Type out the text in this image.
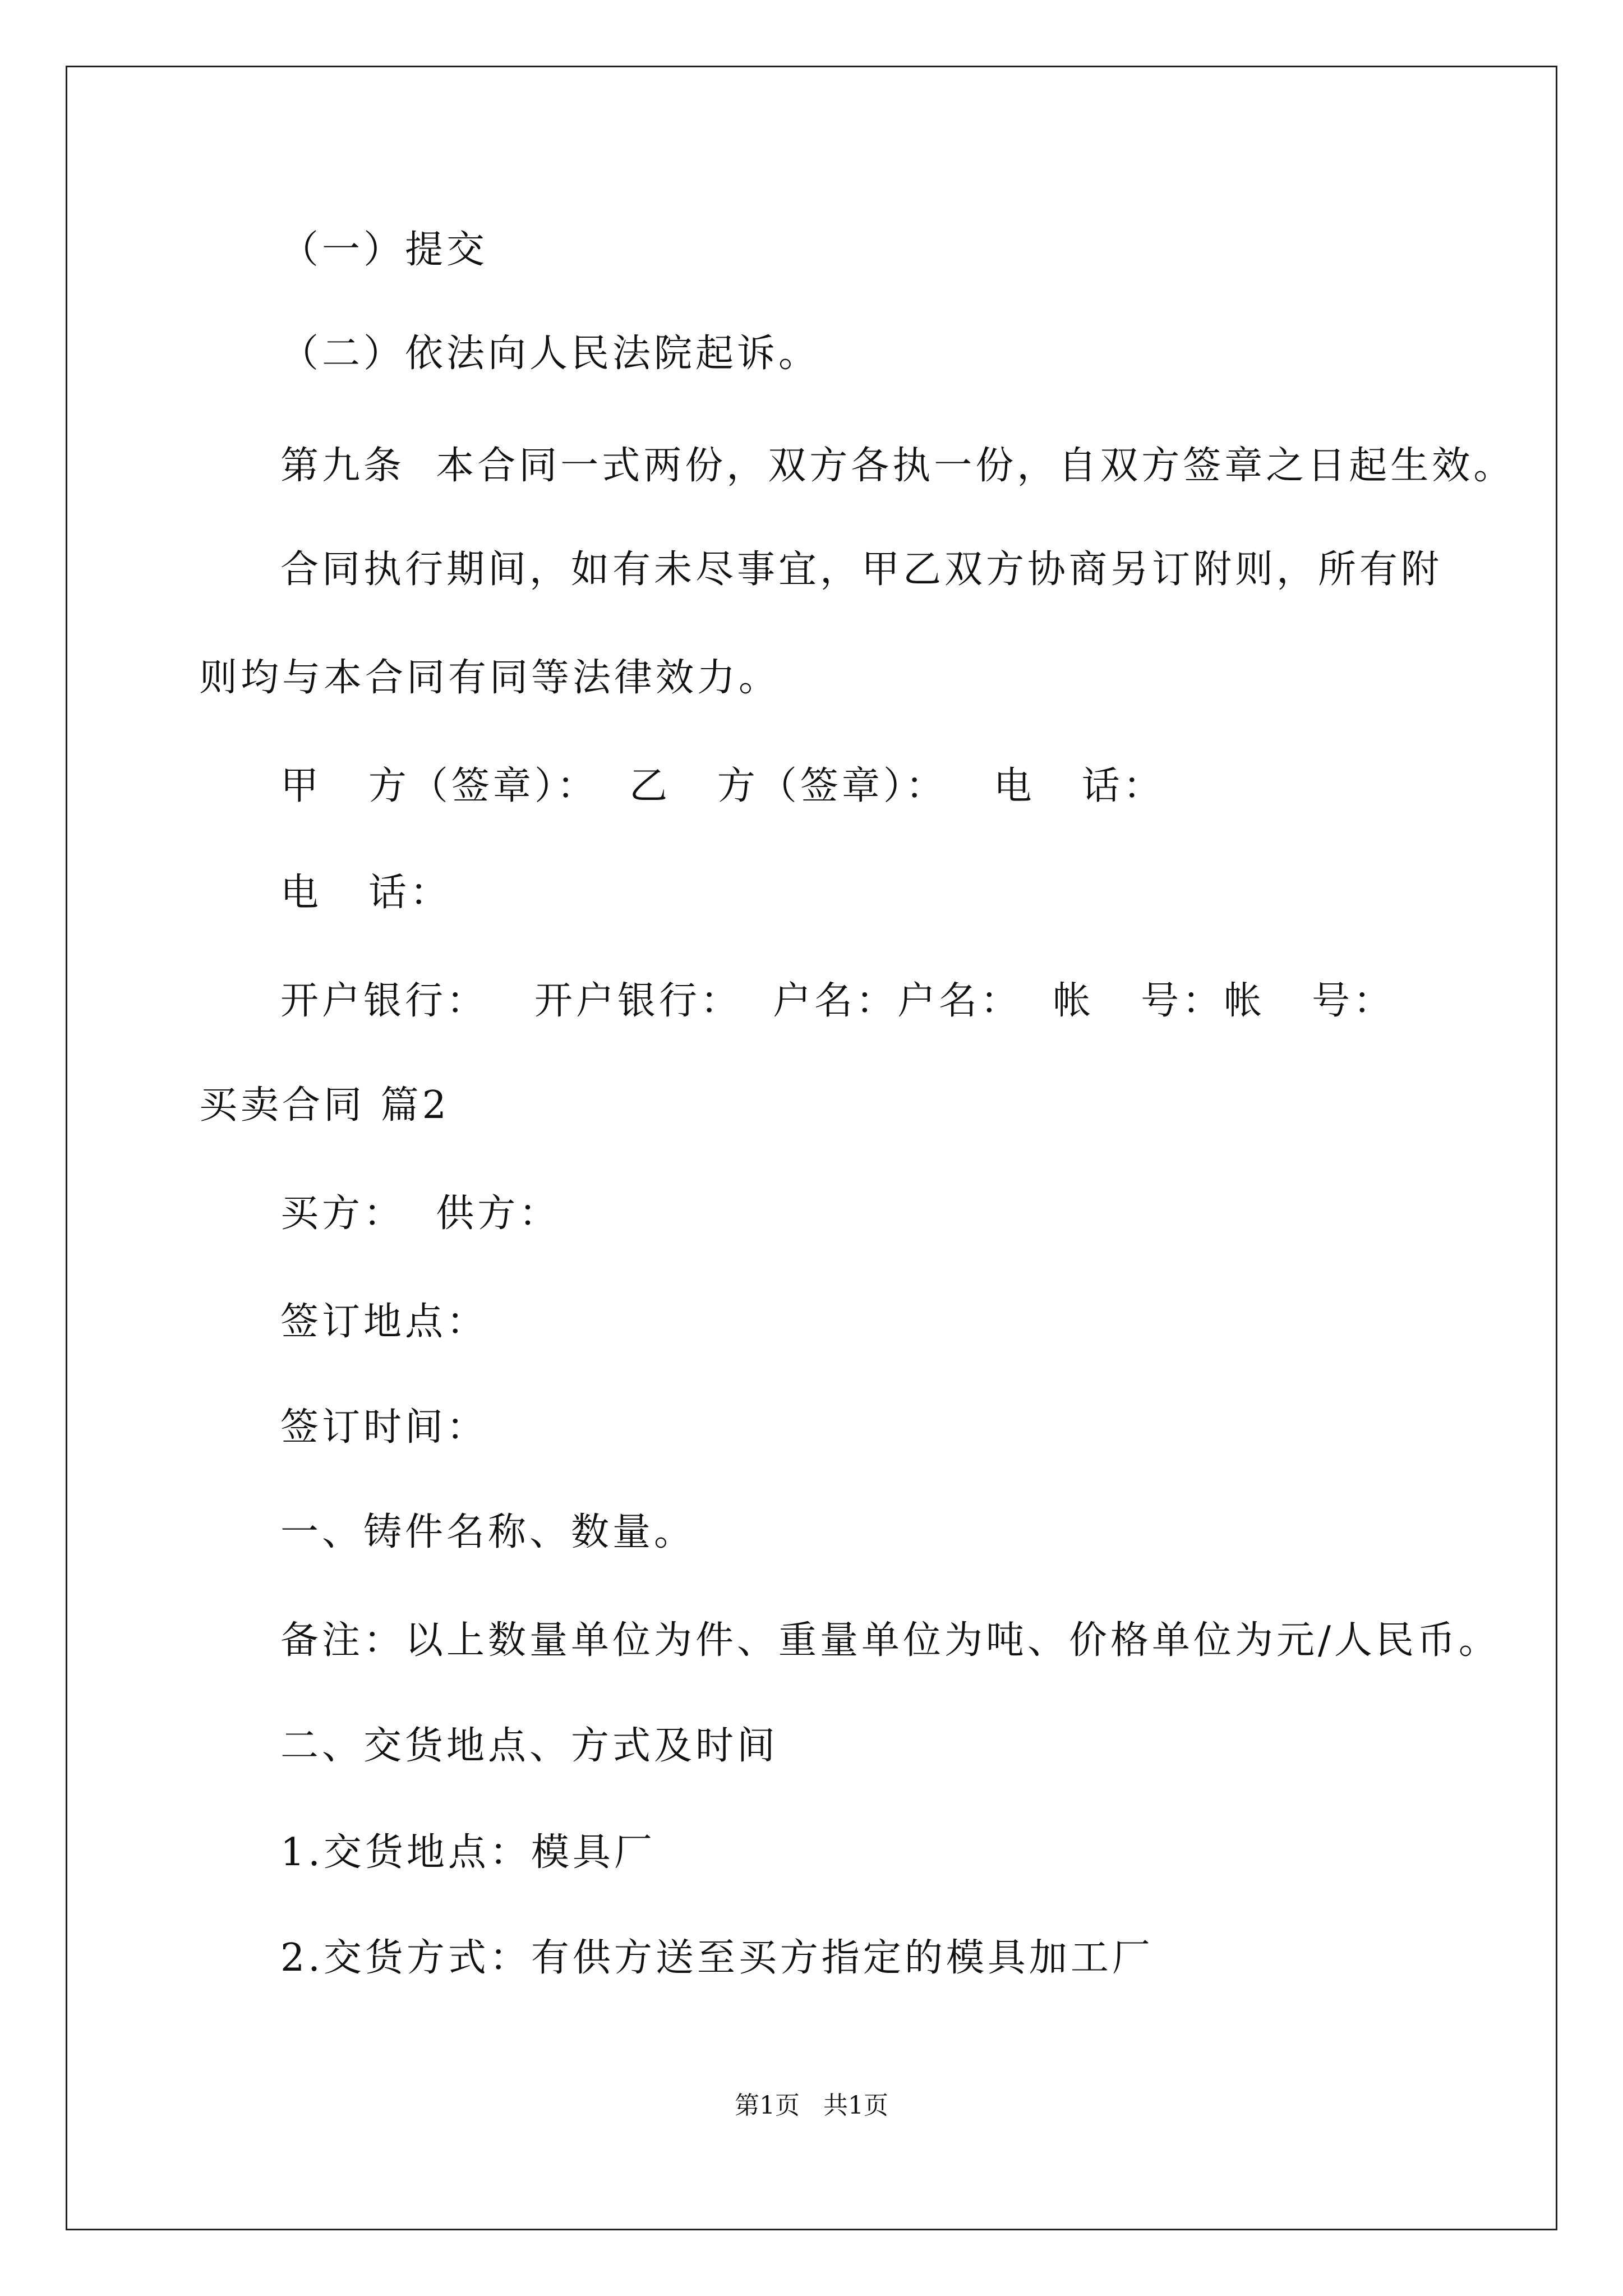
（一）提交
（二）依法向人民法院起诉。
第九条  本合同一式两份，双方各执一份，自双方签章之日起生效。
合同执行期间，如有未尽事宜，甲乙双方协商另订附则，所有附
则均与本合同有同等法律效力。
甲   方（签章）：  乙   方（签章）：   电   话：
电   话：
开户银行：   开户银行：  户名：户名：  帐   号：帐   号：
买卖合同 篇2
买方：  供方：
签订地点：
签订时间：
一、铸件名称、数量。
备注：以上数量单位为件、重量单位为吨、价格单位为元/人民币。
二、交货地点、方式及时间
1.交货地点：模具厂
2.交货方式：有供方送至买方指定的模具加工厂
第1页   共1页
